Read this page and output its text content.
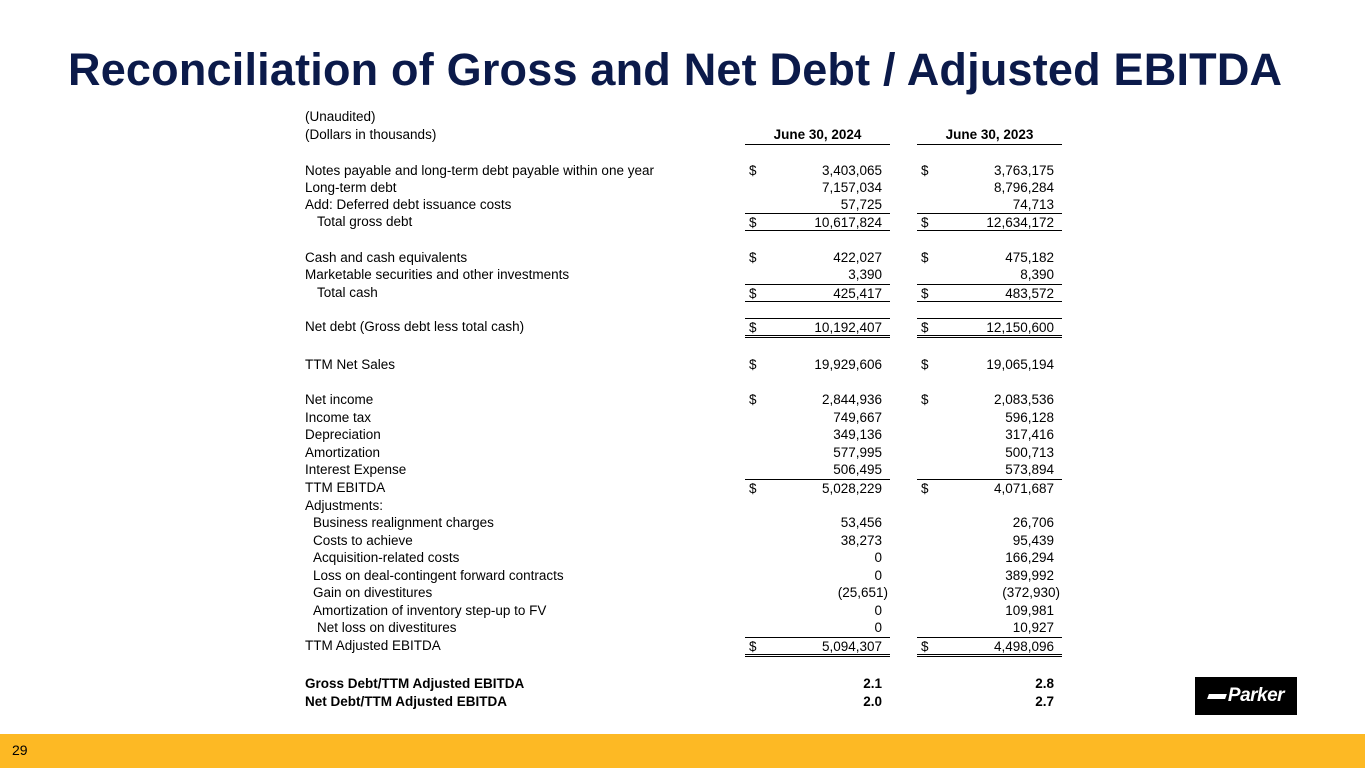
Reconciliation of Gross and Net Debt / Adjusted EBITDA
(Unaudited)
(Dollars in thousands)	June 30, 2024	June 30, 2023
Notes payable and long-term debt payable within one year	$	3,403,065	$	3,763,175
Long-term debt	7,157,034	8,796,284
Add: Deferred debt issuance costs	57,725	74,713
Total gross debt	$	10,617,824	$	12,634,172
Cash and cash equivalents	$	422,027	$	475,182
Marketable securities and other investments	3,390	8,390
Total cash	$	425,417	$	483,572
Net debt (Gross debt less total cash)	$	10,192,407	$	12,150,600
TTM Net Sales	$	19,929,606	$	19,065,194
Net income	$	2,844,936	$	2,083,536
Income tax	749,667	596,128
Depreciation	349,136	317,416
Amortization	577,995	500,713
Interest Expense	506,495	573,894
TTM EBITDA	$	5,028,229	$	4,071,687
Adjustments:
Business realignment charges	53,456	26,706
Costs to achieve	38,273	95,439
Acquisition-related costs	0	166,294
Loss on deal-contingent forward contracts	0	389,992
Gain on divestitures	(25,651)	(372,930)
Amortization of inventory step-up to FV	0	109,981
Net loss on divestitures	0	10,927
TTM Adjusted EBITDA	$	5,094,307	$	4,498,096
Gross Debt/TTM Adjusted EBITDA	2.1	2.8
Net Debt/TTM Adjusted EBITDA	2.0	2.7	Parker
29
